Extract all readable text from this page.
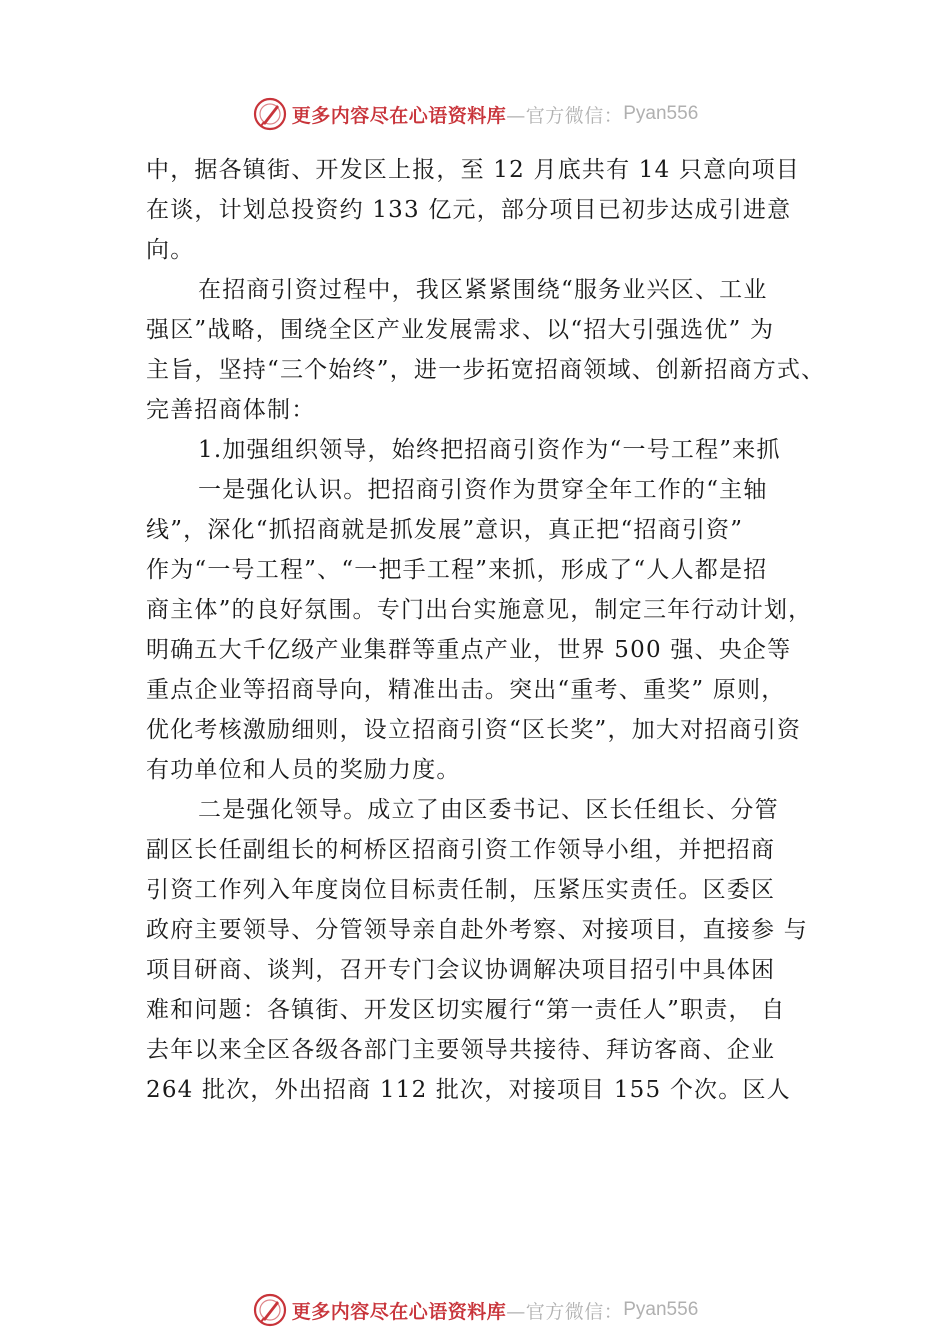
更多内容尽在心语资料库 —官方微信： Pyan556
中，据各镇街、开发区上报，至 12 月底共有 14 只意向项目
在谈，计划总投资约 133 亿元，部分项目已初步达成引进意
向。
在招商引资过程中，我区紧紧围绕“服务业兴区、工业
强区”战略，围绕全区产业发展需求、以“招大引强选优” 为
主旨，坚持“三个始终”，进一步拓宽招商领域、创新招商方式、
完善招商体制：
1.加强组织领导，始终把招商引资作为“一号工程”来抓
一是强化认识。把招商引资作为贯穿全年工作的“主轴
线”，深化“抓招商就是抓发展”意识，真正把“招商引资”
作为“一号工程”、“一把手工程”来抓，形成了“人人都是招
商主体”的良好氛围。专门出台实施意见，制定三年行动计划，
明确五大千亿级产业集群等重点产业，世界 500 强、央企等
重点企业等招商导向，精准出击。突出“重考、重奖” 原则，
优化考核激励细则，设立招商引资“区长奖”，加大对招商引资
有功单位和人员的奖励力度。
二是强化领导。成立了由区委书记、区长任组长、分管
副区长任副组长的柯桥区招商引资工作领导小组，并把招商
引资工作列入年度岗位目标责任制，压紧压实责任。区委区
政府主要领导、分管领导亲自赴外考察、对接项目，直接参 与
项目研商、谈判，召开专门会议协调解决项目招引中具体困
难和问题：各镇街、开发区切实履行“第一责任人”职责， 自
去年以来全区各级各部门主要领导共接待、拜访客商、企业
264 批次，外出招商 112 批次，对接项目 155 个次。区人
更多内容尽在心语资料库 —官方微信： Pyan556
